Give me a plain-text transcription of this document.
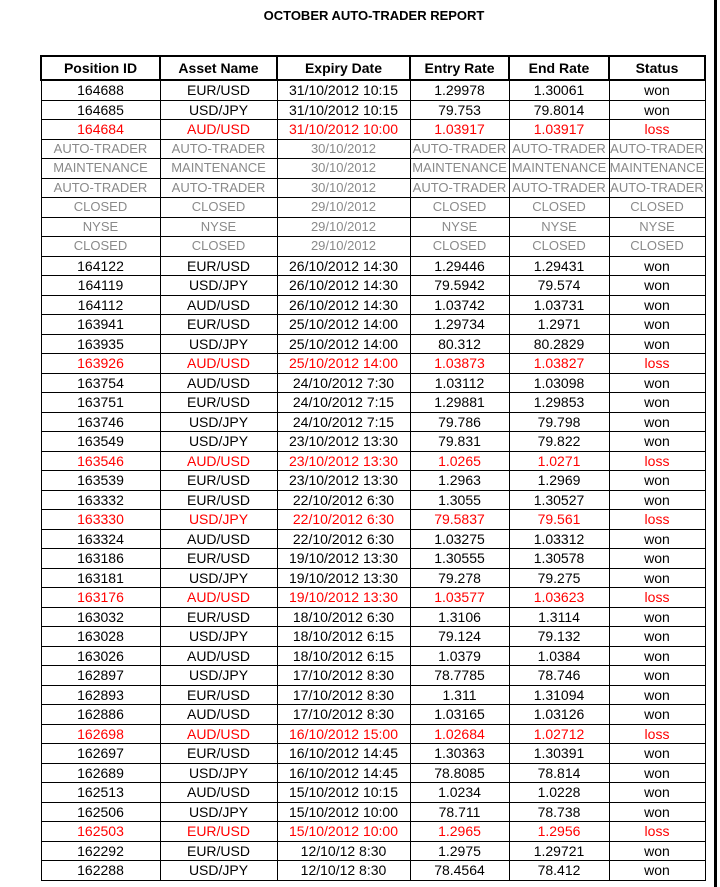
OCTOBER AUTO-TRADER REPORT
Position ID	Asset Name	Expiry Date	Entry Rate	End Rate	Status
164688	EUR/USD	31/10/2012 10:15	1.29978	1.30061	won
164685	USD/JPY	31/10/2012 10:15	79.753	79.8014	won
164684	AUD/USD	31/10/2012 10:00	1.03917	1.03917	loss
AUTO-TRADER	AUTO-TRADER	30/10/2012	AUTO-TRADER	AUTO-TRADER	AUTO-TRADER
MAINTENANCE	MAINTENANCE	30/10/2012	MAINTENANCE	MAINTENANCE	MAINTENANCE
AUTO-TRADER	AUTO-TRADER	30/10/2012	AUTO-TRADER	AUTO-TRADER	AUTO-TRADER
CLOSED	CLOSED	29/10/2012	CLOSED	CLOSED	CLOSED
NYSE	NYSE	29/10/2012	NYSE	NYSE	NYSE
CLOSED	CLOSED	29/10/2012	CLOSED	CLOSED	CLOSED
164122	EUR/USD	26/10/2012 14:30	1.29446	1.29431	won
164119	USD/JPY	26/10/2012 14:30	79.5942	79.574	won
164112	AUD/USD	26/10/2012 14:30	1.03742	1.03731	won
163941	EUR/USD	25/10/2012 14:00	1.29734	1.2971	won
163935	USD/JPY	25/10/2012 14:00	80.312	80.2829	won
163926	AUD/USD	25/10/2012 14:00	1.03873	1.03827	loss
163754	AUD/USD	24/10/2012 7:30	1.03112	1.03098	won
163751	EUR/USD	24/10/2012 7:15	1.29881	1.29853	won
163746	USD/JPY	24/10/2012 7:15	79.786	79.798	won
163549	USD/JPY	23/10/2012 13:30	79.831	79.822	won
163546	AUD/USD	23/10/2012 13:30	1.0265	1.0271	loss
163539	EUR/USD	23/10/2012 13:30	1.2963	1.2969	won
163332	EUR/USD	22/10/2012 6:30	1.3055	1.30527	won
163330	USD/JPY	22/10/2012 6:30	79.5837	79.561	loss
163324	AUD/USD	22/10/2012 6:30	1.03275	1.03312	won
163186	EUR/USD	19/10/2012 13:30	1.30555	1.30578	won
163181	USD/JPY	19/10/2012 13:30	79.278	79.275	won
163176	AUD/USD	19/10/2012 13:30	1.03577	1.03623	loss
163032	EUR/USD	18/10/2012 6:30	1.3106	1.3114	won
163028	USD/JPY	18/10/2012 6:15	79.124	79.132	won
163026	AUD/USD	18/10/2012 6:15	1.0379	1.0384	won
162897	USD/JPY	17/10/2012 8:30	78.7785	78.746	won
162893	EUR/USD	17/10/2012 8:30	1.311	1.31094	won
162886	AUD/USD	17/10/2012 8:30	1.03165	1.03126	won
162698	AUD/USD	16/10/2012 15:00	1.02684	1.02712	loss
162697	EUR/USD	16/10/2012 14:45	1.30363	1.30391	won
162689	USD/JPY	16/10/2012 14:45	78.8085	78.814	won
162513	AUD/USD	15/10/2012 10:15	1.0234	1.0228	won
162506	USD/JPY	15/10/2012 10:00	78.711	78.738	won
162503	EUR/USD	15/10/2012 10:00	1.2965	1.2956	loss
162292	EUR/USD	12/10/12 8:30	1.2975	1.29721	won
162288	USD/JPY	12/10/12 8:30	78.4564	78.412	won
